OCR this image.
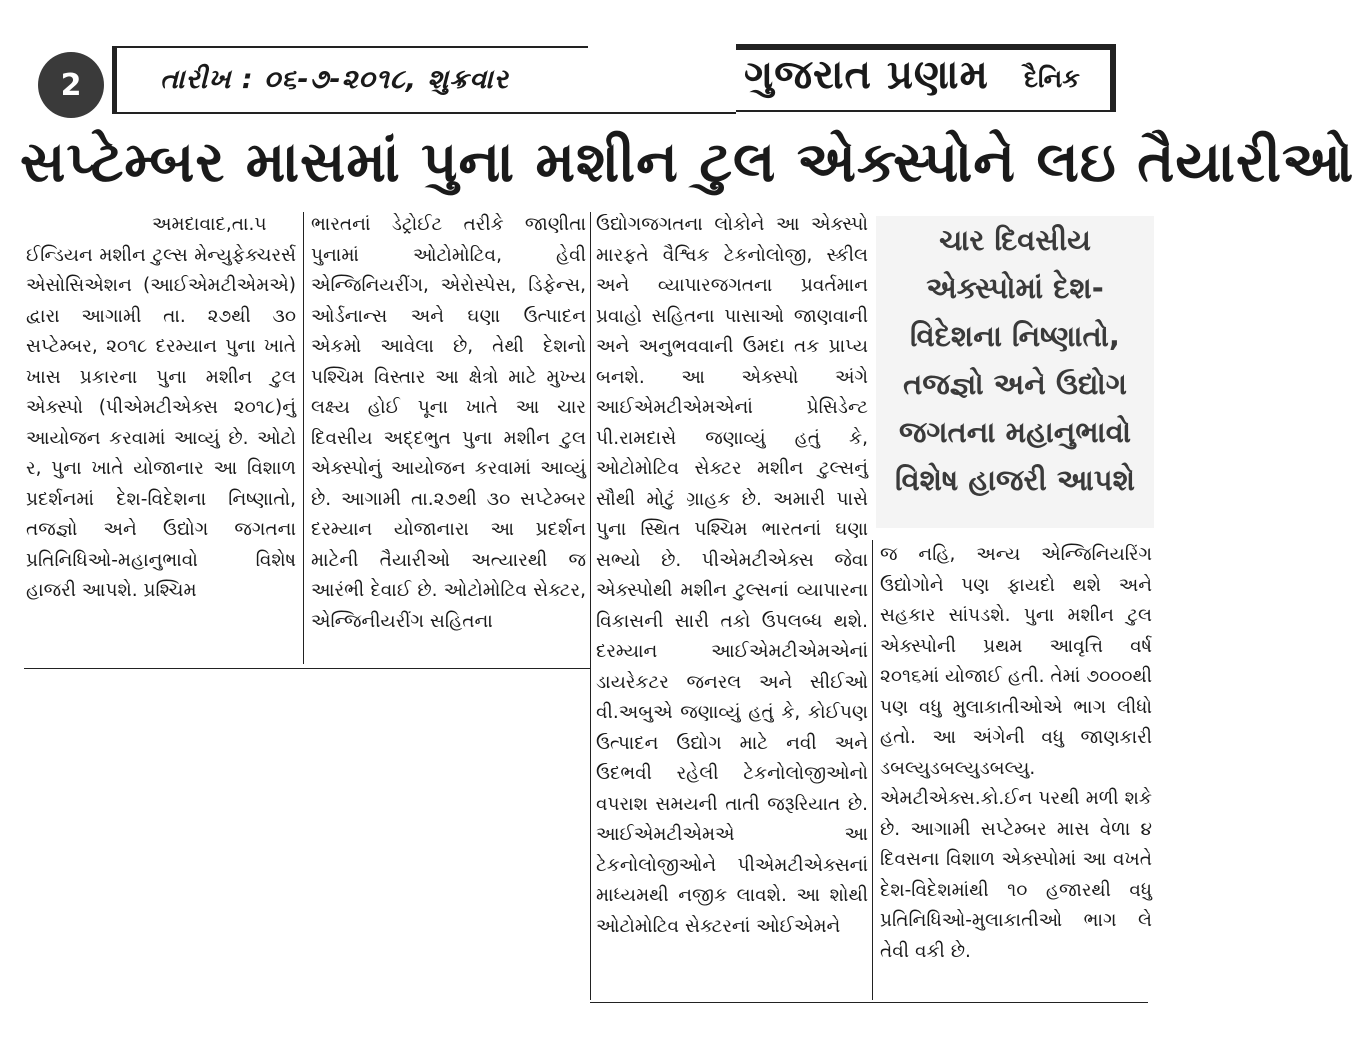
2	તારીખ : ૦૬-૭-૨૦૧૮, શુક્રવાર	ગુજરાત પ્રણામ દૈનિક
સપ્ટેમ્બર માસમાં પુના મશીન ટુલ એક્સ્પોને લઇ તૈયારીઓ

અમદાવાદ,તા.૫ ઈન્ડિયન મશીન ટુલ્સ મેન્યુફેક્ચરર્સ એસોસિએશન (આઈએમટીએમએ) દ્વારા આગામી તા. ૨૭થી ૩૦ સપ્ટેમ્બર, ૨૦૧૮ દરમ્યાન પુના ખાતે ખાસ પ્રકારના પુના મશીન ટુલ એક્સ્પો (પીએમટીએક્સ ૨૦૧૮)નું આયોજન કરવામાં આવ્યું છે. ઓટો ર, પુના ખાતે યોજાનાર આ વિશાળ પ્રદર્શનમાં દેશ-વિદેશના નિષ્ણાતો, તજજ્ઞો અને ઉદ્યોગ જગતના પ્રતિનિધિઓ-મહાનુભાવો વિશેષ હાજરી આપશે. પ્રશ્ચિમ

ભારતનાં ડેટ્રોઈટ તરીકે જાણીતા પુનામાં ઓટોમોટિવ, હેવી એન્જિનિયરીંગ, એરોસ્પેસ, ડિફેન્સ, ઓર્ડનાન્સ અને ઘણા ઉત્પાદન એકમો આવેલા છે, તેથી દેશનો પશ્ચિમ વિસ્તાર આ ક્ષેત્રો માટે મુખ્ય લક્ષ્ય હોઈ પૂના ખાતે આ ચાર દિવસીય અદ્દભુત પુના મશીન ટુલ એક્સ્પોનું આયોજન કરવામાં આવ્યું છે. આગામી તા.૨૭થી ૩૦ સપ્ટેમ્બર દરમ્યાન યોજાનારા આ પ્રદર્શન માટેની તૈયારીઓ અત્યારથી જ આરંભી દેવાઈ છે. ઓટોમોટિવ સેક્ટર, એન્જિનીયરીંગ સહિતના

ઉદ્યોગજગતના લોકોને આ એક્સ્પો મારફતે વૈશ્વિક ટેકનોલોજી, સ્કીલ અને વ્યાપારજગતના પ્રવર્તમાન પ્રવાહો સહિતના પાસાઓ જાણવાની અને અનુભવવાની ઉમદા તક પ્રાપ્ય બનશે. આ એક્સ્પો અંગે આઈએમટીએમએનાં પ્રેસિડેન્ટ પી.રામદાસે જણાવ્યું હતું કે, ઓટોમોટિવ સેક્ટર મશીન ટુલ્સનું સૌથી મોટું ગ્રાહક છે. અમારી પાસે પુના સ્થિત પશ્ચિમ ભારતનાં ઘણા સભ્યો છે. પીએમટીએક્સ જેવા એક્સ્પોથી મશીન ટુલ્સનાં વ્યાપારના વિકાસની સારી તકો ઉપલબ્ધ થશે. દરમ્યાન આઈએમટીએમએનાં ડાયરેકટર જનરલ અને સીઈઓ વી.અબુએ જણાવ્યું હતું કે, કોઈપણ ઉત્પાદન ઉદ્યોગ માટે નવી અને ઉદભવી રહેલી ટેકનોલોજીઓનો વપરાશ સમયની તાતી જરૂરિયાત છે. આઈએમટીએમએ આ ટેકનોલોજીઓને પીએમટીએક્સનાં માધ્યમથી નજીક લાવશે. આ શોથી ઓટોમોટિવ સેક્ટરનાં ઓઈએમને

જ નહિ, અન્ય એન્જિનિયરિંગ ઉદ્યોગોને પણ ફાયદો થશે અને સહકાર સાંપડશે. પુના મશીન ટુલ એક્સ્પોની પ્રથમ આવૃત્તિ વર્ષ ૨૦૧૬માં યોજાઈ હતી. તેમાં ૭૦૦૦થી પણ વધુ મુલાકાતીઓએ ભાગ લીધો હતો. આ અંગેની વધુ જાણકારી ડબલ્યુડબલ્યુડબલ્યુ. એમટીએક્સ.કો.ઈન પરથી મળી શકે છે. આગામી સપ્ટેમ્બર માસ વેળા ૪ દિવસના વિશાળ એક્સ્પોમાં આ વખતે દેશ-વિદેશમાંથી ૧૦ હજારથી વધુ પ્રતિનિધિઓ-મુલાકાતીઓ ભાગ લે તેવી વકી છે.

ચાર દિવસીય
એક્સ્પોમાં દેશ-
વિદેશના નિષ્ણાતો,
તજજ્ઞો અને ઉદ્યોગ
જગતના મહાનુભાવો
વિશેષ હાજરી આપશે
